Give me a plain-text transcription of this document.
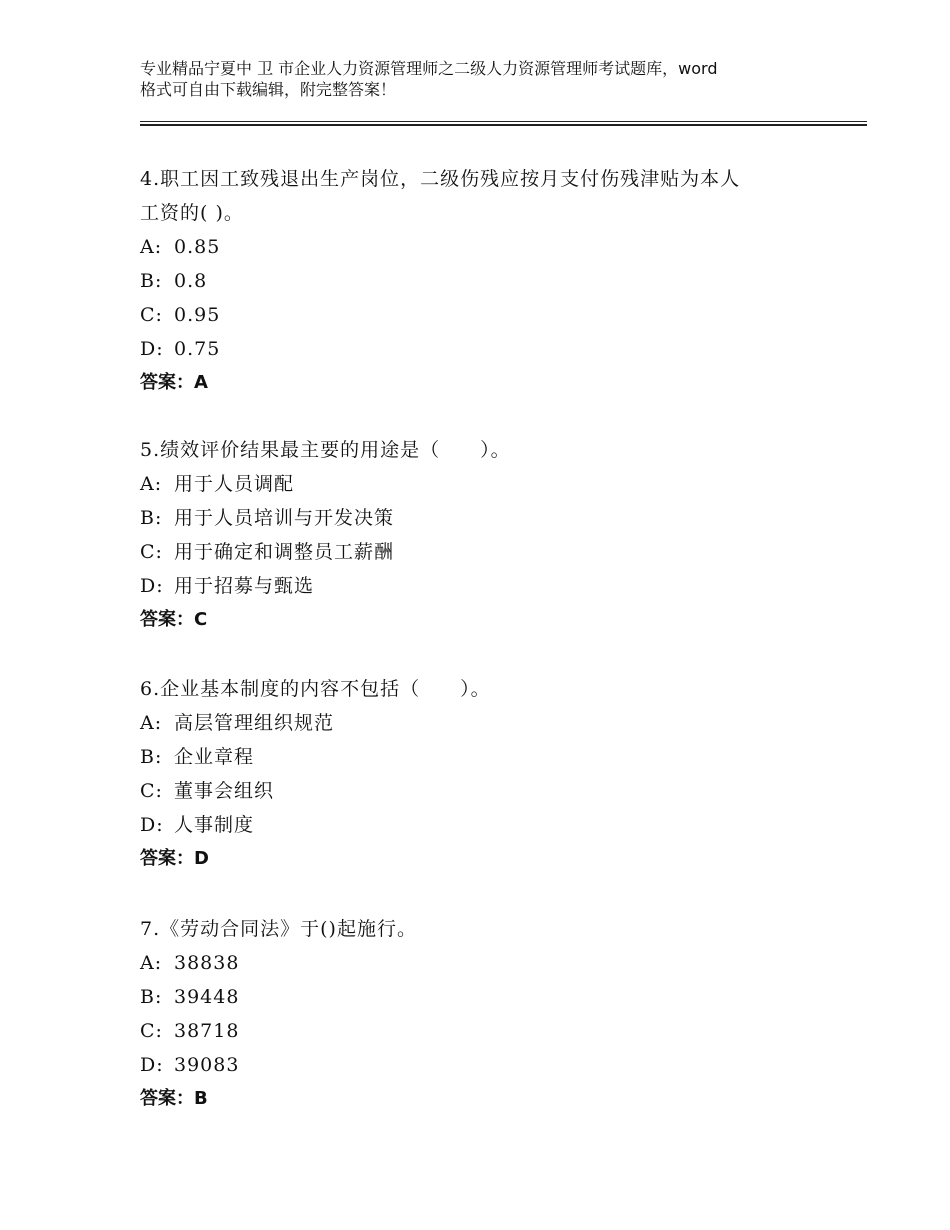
专业精品宁夏中 卫 市企业人力资源管理师之二级人力资源管理师考试题库，word
格式可自由下载编辑，附完整答案！
4.职工因工致残退出生产岗位，二级伤残应按月支付伤残津贴为本人
工资的( )。
A: 0.85
B: 0.8
C: 0.95
D: 0.75
答案：A
5.绩效评价结果最主要的用途是（　　）。
A: 用于人员调配
B: 用于人员培训与开发决策
C: 用于确定和调整员工薪酬
D: 用于招募与甄选
答案：C
6.企业基本制度的内容不包括（　　）。
A: 高层管理组织规范
B: 企业章程
C: 董事会组织
D: 人事制度
答案：D
7.《劳动合同法》于()起施行。
A: 38838
B: 39448
C: 38718
D: 39083
答案：B
